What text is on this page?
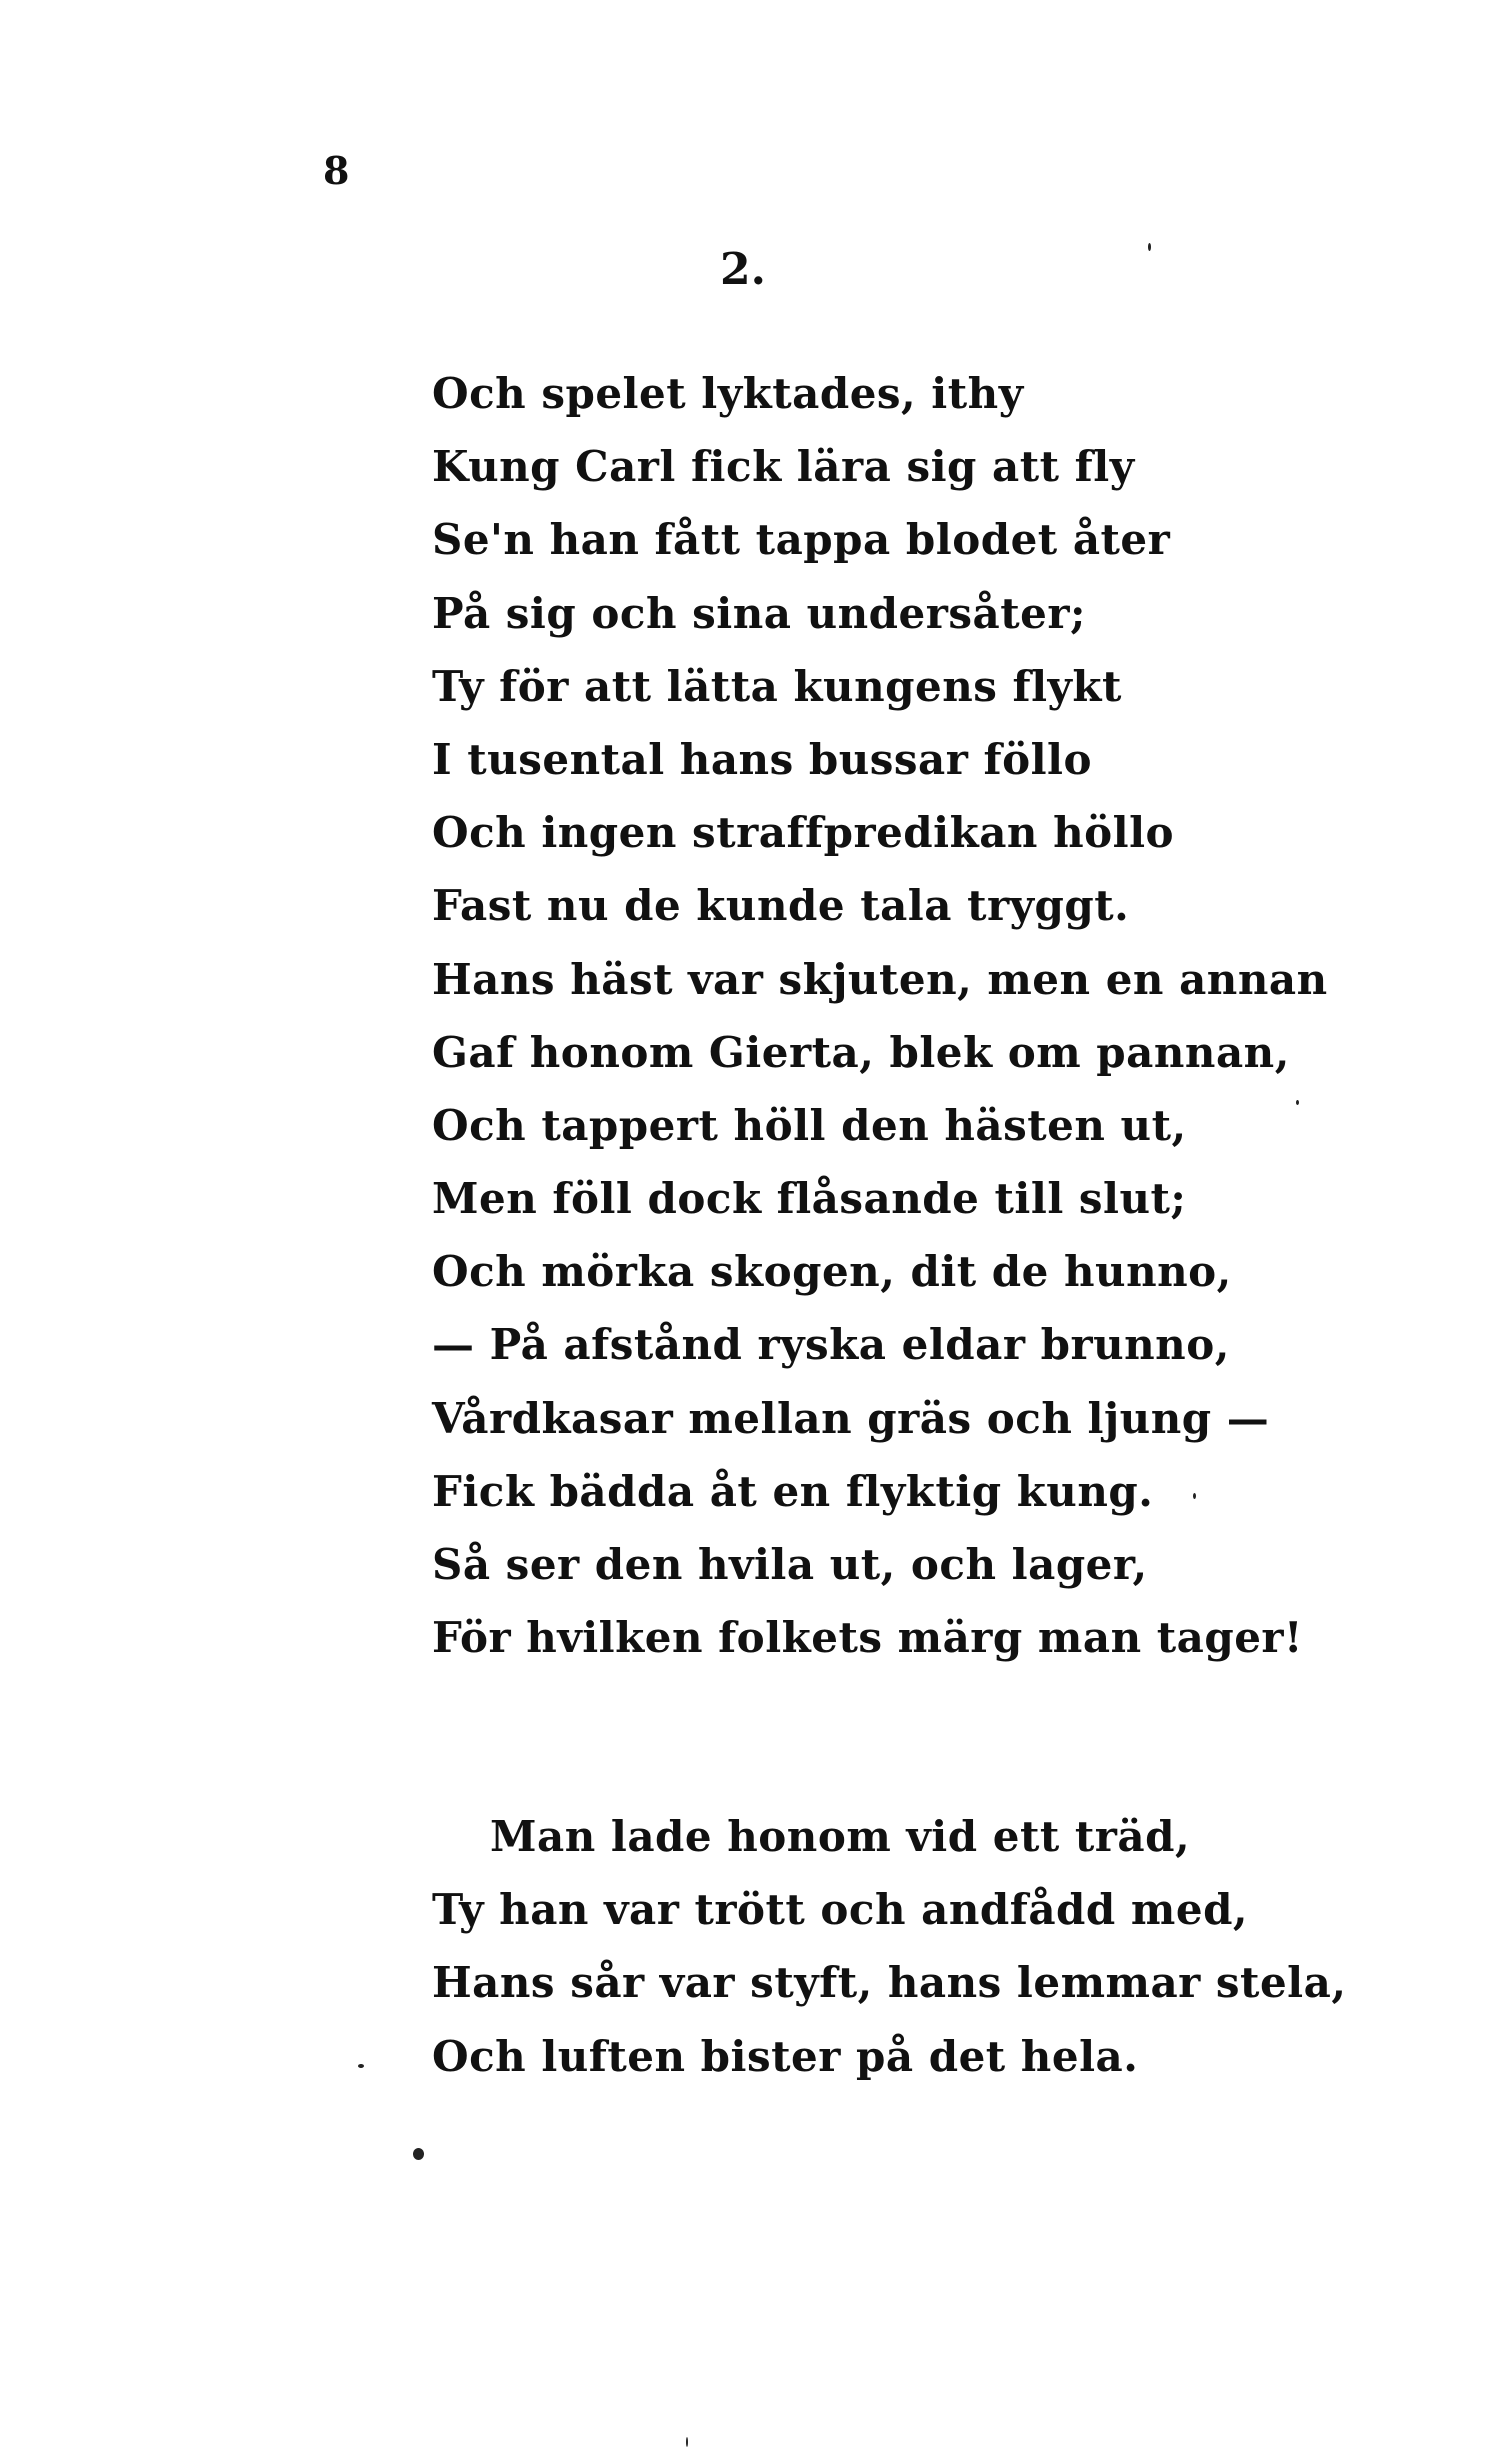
8
2.
Och spelet lyktades, ithy
Kung Carl fick lära sig att fly
Se'n han fått tappa blodet åter
På sig och sina undersåter;
Ty för att lätta kungens flykt
I tusental hans bussar föllo
Och ingen straffpredikan höllo
Fast nu de kunde tala tryggt.
Hans häst var skjuten, men en annan
Gaf honom Gierta, blek om pannan,
Och tappert höll den hästen ut,
Men föll dock flåsande till slut;
Och mörka skogen, dit de hunno,
— På afstånd ryska eldar brunno,
Vårdkasar mellan gräs och ljung —
Fick bädda åt en flyktig kung.
Så ser den hvila ut, och lager,
För hvilken folkets märg man tager!
Man lade honom vid ett träd,
Ty han var trött och andfådd med,
Hans sår var styft, hans lemmar stela,
Och luften bister på det hela.
